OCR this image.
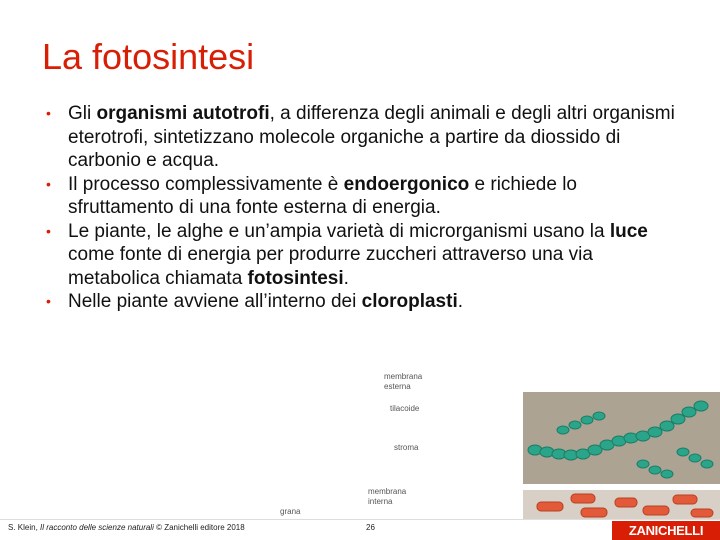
La fotosintesi
• Gli organismi autotrofi, a differenza degli animali e degli altri organismi eterotrofi, sintetizzano molecole organiche a partire da diossido di carbonio e acqua.
• Il processo complessivamente è endoergonico e richiede lo sfruttamento di una fonte esterna di energia.
• Le piante, le alghe e un’ampia varietà di microrganismi usano la luce come fonte di energia per produrre zuccheri attraverso una via metabolica chiamata fotosintesi.
• Nelle piante avviene all’interno dei cloroplasti.
membrana
esterna
tilacoide
stroma
membrana
interna
grana
S. Klein, Il racconto delle scienze naturali © Zanichelli editore 2018	26	ZANICHELLI
